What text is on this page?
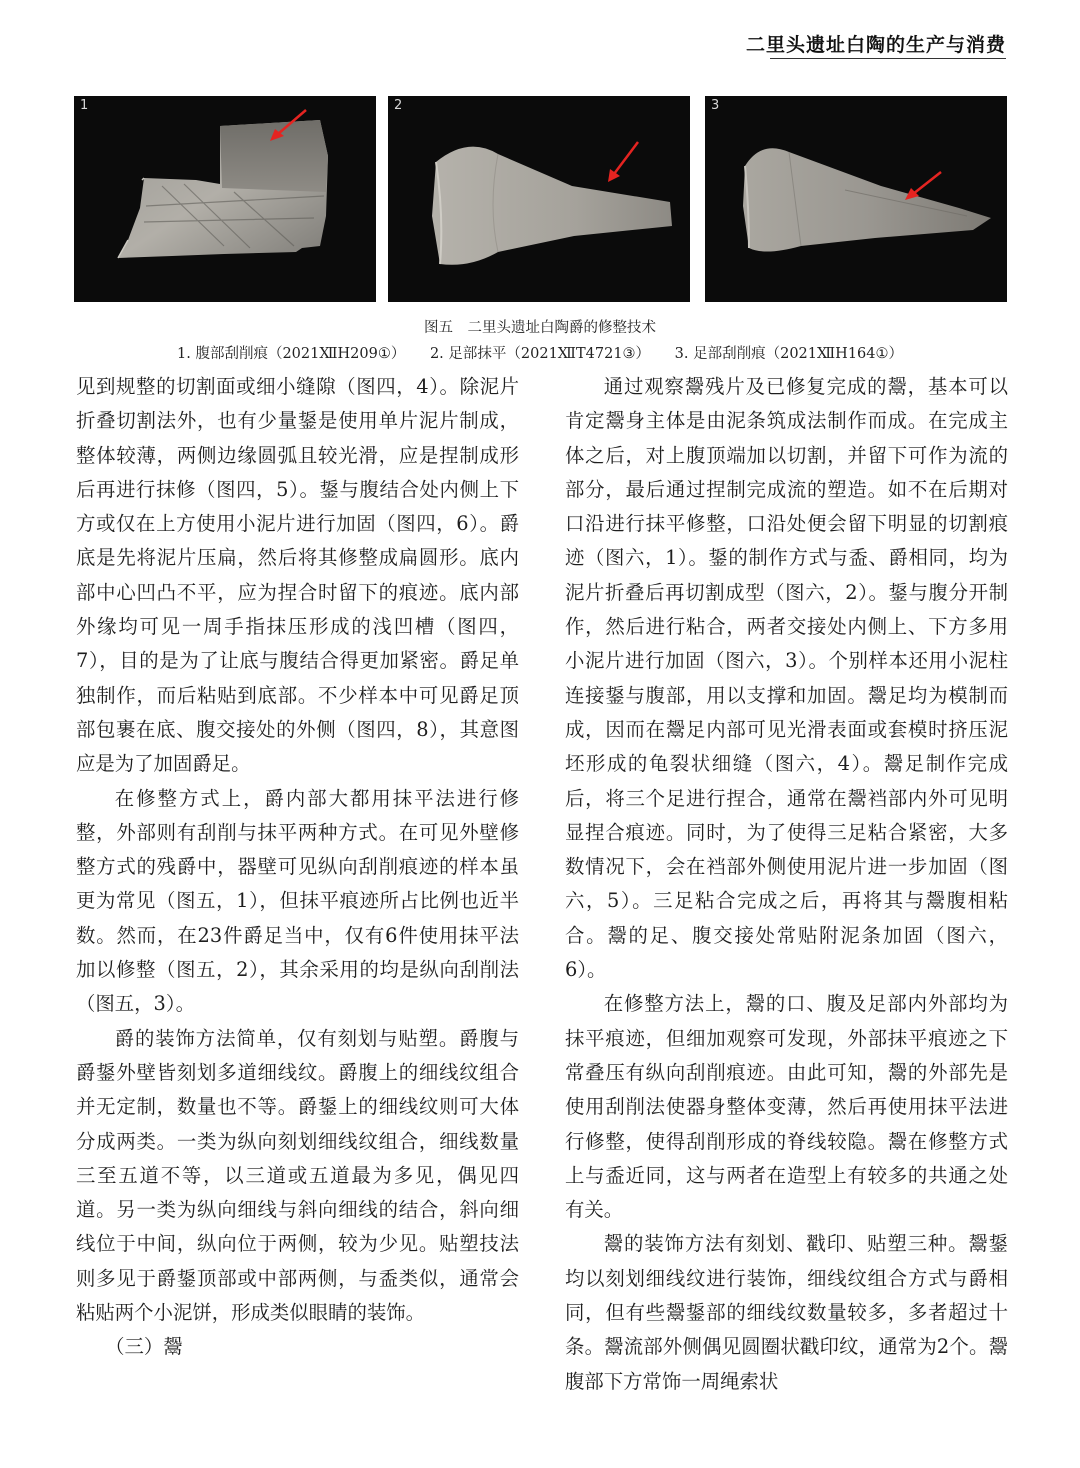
二里头遗址白陶的生产与消费
1	2	3
图五　二里头遗址白陶爵的修整技术
1. 腹部刮削痕（2021ⅫH209①） 2. 足部抹平（2021ⅫT4721③） 3. 足部刮削痕（2021ⅫH164①）

见到规整的切割面或细小缝隙（图四，4）。除泥片折叠切割法外，也有少量鋬是使用单片泥片制成，整体较薄，两侧边缘圆弧且较光滑，应是捏制成形后再进行抹修（图四，5）。鋬与腹结合处内侧上下方或仅在上方使用小泥片进行加固（图四，6）。爵底是先将泥片压扁，然后将其修整成扁圆形。底内部中心凹凸不平，应为捏合时留下的痕迹。底内部外缘均可见一周手指抹压形成的浅凹槽（图四，7），目的是为了让底与腹结合得更加紧密。爵足单独制作，而后粘贴到底部。不少样本中可见爵足顶部包裹在底、腹交接处的外侧（图四，8），其意图应是为了加固爵足。

在修整方式上，爵内部大都用抹平法进行修整，外部则有刮削与抹平两种方式。在可见外壁修整方式的残爵中，器壁可见纵向刮削痕迹的样本虽更为常见（图五，1），但抹平痕迹所占比例也近半数。然而，在23件爵足当中，仅有6件使用抹平法加以修整（图五，2），其余采用的均是纵向刮削法（图五，3）。

爵的装饰方法简单，仅有刻划与贴塑。爵腹与爵鋬外壁皆刻划多道细线纹。爵腹上的细线纹组合并无定制，数量也不等。爵鋬上的细线纹则可大体分成两类。一类为纵向刻划细线纹组合，细线数量三至五道不等，以三道或五道最为多见，偶见四道。另一类为纵向细线与斜向细线的结合，斜向细线位于中间，纵向位于两侧，较为少见。贴塑技法则多见于爵鋬顶部或中部两侧，与盉类似，通常会粘贴两个小泥饼，形成类似眼睛的装饰。

（三）鬶

通过观察鬶残片及已修复完成的鬶，基本可以肯定鬶身主体是由泥条筑成法制作而成。在完成主体之后，对上腹顶端加以切割，并留下可作为流的部分，最后通过捏制完成流的塑造。如不在后期对口沿进行抹平修整，口沿处便会留下明显的切割痕迹（图六，1）。鋬的制作方式与盉、爵相同，均为泥片折叠后再切割成型（图六，2）。鋬与腹分开制作，然后进行粘合，两者交接处内侧上、下方多用小泥片进行加固（图六，3）。个别样本还用小泥柱连接鋬与腹部，用以支撑和加固。鬶足均为模制而成，因而在鬶足内部可见光滑表面或套模时挤压泥坯形成的龟裂状细缝（图六，4）。鬶足制作完成后，将三个足进行捏合，通常在鬶裆部内外可见明显捏合痕迹。同时，为了使得三足粘合紧密，大多数情况下，会在裆部外侧使用泥片进一步加固（图六，5）。三足粘合完成之后，再将其与鬶腹相粘合。鬶的足、腹交接处常贴附泥条加固（图六，6）。

在修整方法上，鬶的口、腹及足部内外部均为抹平痕迹，但细加观察可发现，外部抹平痕迹之下常叠压有纵向刮削痕迹。由此可知，鬶的外部先是使用刮削法使器身整体变薄，然后再使用抹平法进行修整，使得刮削形成的脊线较隐。鬶在修整方式上与盉近同，这与两者在造型上有较多的共通之处有关。

鬶的装饰方法有刻划、戳印、贴塑三种。鬶鋬均以刻划细线纹进行装饰，细线纹组合方式与爵相同，但有些鬶鋬部的细线纹数量较多，多者超过十条。鬶流部外侧偶见圆圈状戳印纹，通常为2个。鬶腹部下方常饰一周绳索状
